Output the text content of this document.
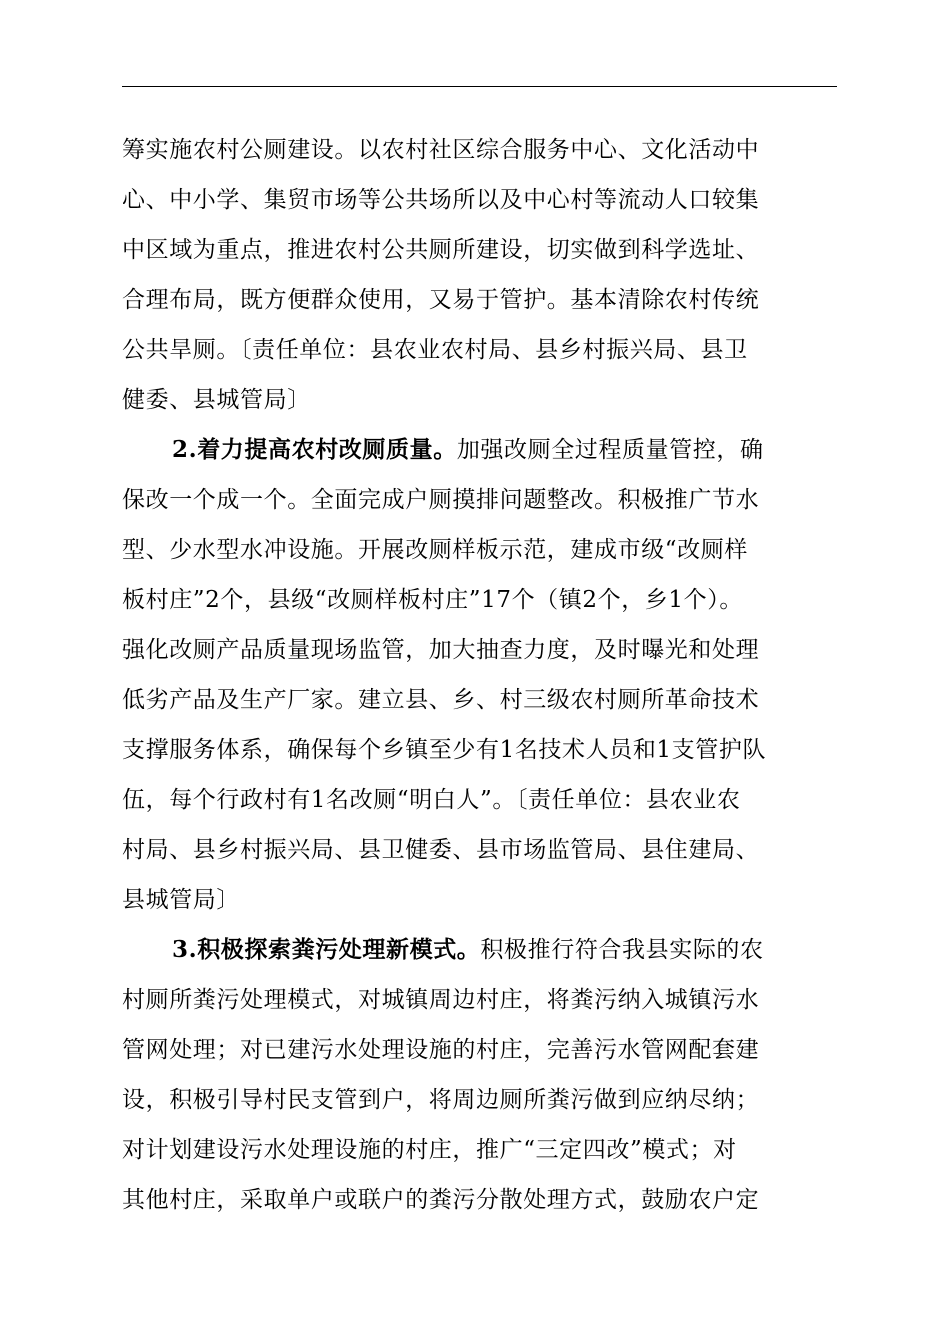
筹实施农村公厕建设。以农村社区综合服务中心、文化活动中
心、中小学、集贸市场等公共场所以及中心村等流动人口较集
中区域为重点，推进农村公共厕所建设，切实做到科学选址、
合理布局，既方便群众使用，又易于管护。基本清除农村传统
公共旱厕。〔责任单位：县农业农村局、县乡村振兴局、县卫
健委、县城管局〕
2.着力提高农村改厕质量。加强改厕全过程质量管控，确
保改一个成一个。全面完成户厕摸排问题整改。积极推广节水
型、少水型水冲设施。开展改厕样板示范，建成市级“改厕样
板村庄”2个，县级“改厕样板村庄”17个（镇2个，乡1个）。
强化改厕产品质量现场监管，加大抽查力度，及时曝光和处理
低劣产品及生产厂家。建立县、乡、村三级农村厕所革命技术
支撑服务体系，确保每个乡镇至少有1名技术人员和1支管护队
伍，每个行政村有1名改厕“明白人”。〔责任单位：县农业农
村局、县乡村振兴局、县卫健委、县市场监管局、县住建局、
县城管局〕
3.积极探索粪污处理新模式。积极推行符合我县实际的农
村厕所粪污处理模式，对城镇周边村庄，将粪污纳入城镇污水
管网处理；对已建污水处理设施的村庄，完善污水管网配套建
设，积极引导村民支管到户，将周边厕所粪污做到应纳尽纳；
对计划建设污水处理设施的村庄，推广“三定四改”模式；对
其他村庄，采取单户或联户的粪污分散处理方式，鼓励农户定
